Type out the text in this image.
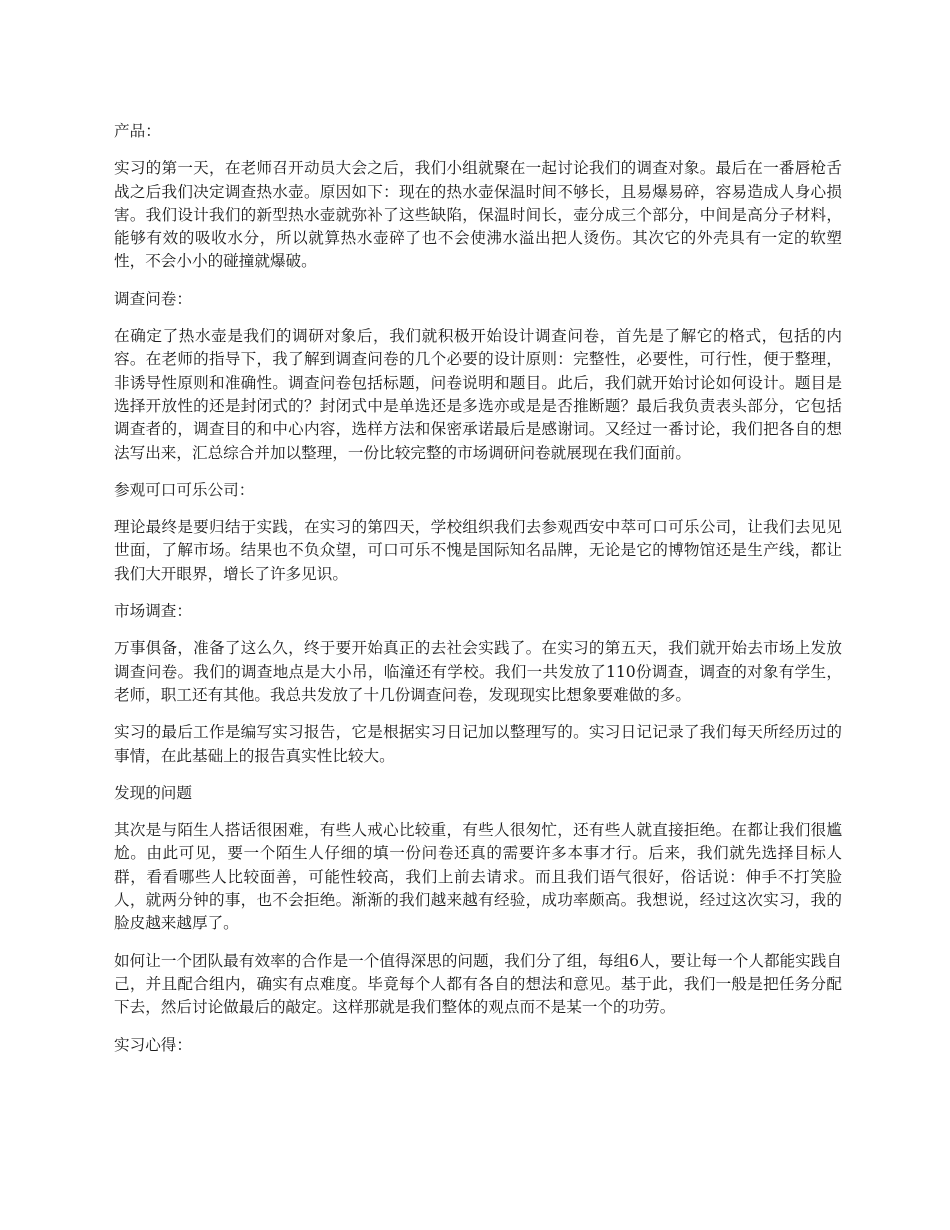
产品：

实习的第一天，在老师召开动员大会之后，我们小组就聚在一起讨论我们的调查对象。最后在一番唇枪舌战之后我们决定调查热水壶。原因如下：现在的热水壶保温时间不够长，且易爆易碎，容易造成人身心损害。我们设计我们的新型热水壶就弥补了这些缺陷，保温时间长，壶分成三个部分，中间是高分子材料，能够有效的吸收水分，所以就算热水壶碎了也不会使沸水溢出把人烫伤。其次它的外壳具有一定的软塑性，不会小小的碰撞就爆破。

调查问卷：

在确定了热水壶是我们的调研对象后，我们就积极开始设计调查问卷，首先是了解它的格式，包括的内容。在老师的指导下，我了解到调查问卷的几个必要的设计原则：完整性，必要性，可行性，便于整理，非诱导性原则和准确性。调查问卷包括标题，问卷说明和题目。此后，我们就开始讨论如何设计。题目是选择开放性的还是封闭式的？封闭式中是单选还是多选亦或是是否推断题？最后我负责表头部分，它包括调查者的，调查目的和中心内容，选样方法和保密承诺最后是感谢词。又经过一番讨论，我们把各自的想法写出来，汇总综合并加以整理，一份比较完整的市场调研问卷就展现在我们面前。

参观可口可乐公司：

理论最终是要归结于实践，在实习的第四天，学校组织我们去参观西安中萃可口可乐公司，让我们去见见世面，了解市场。结果也不负众望，可口可乐不愧是国际知名品牌，无论是它的博物馆还是生产线，都让我们大开眼界，增长了许多见识。

市场调查：

万事俱备，准备了这么久，终于要开始真正的去社会实践了。在实习的第五天，我们就开始去市场上发放调查问卷。我们的调查地点是大小吊，临潼还有学校。我们一共发放了110份调查，调查的对象有学生，老师，职工还有其他。我总共发放了十几份调查问卷，发现现实比想象要难做的多。

实习的最后工作是编写实习报告，它是根据实习日记加以整理写的。实习日记记录了我们每天所经历过的事情，在此基础上的报告真实性比较大。

发现的问题

其次是与陌生人搭话很困难，有些人戒心比较重，有些人很匆忙，还有些人就直接拒绝。在都让我们很尴尬。由此可见，要一个陌生人仔细的填一份问卷还真的需要许多本事才行。后来，我们就先选择目标人群，看看哪些人比较面善，可能性较高，我们上前去请求。而且我们语气很好，俗话说：伸手不打笑脸人，就两分钟的事，也不会拒绝。渐渐的我们越来越有经验，成功率颇高。我想说，经过这次实习，我的脸皮越来越厚了。

如何让一个团队最有效率的合作是一个值得深思的问题，我们分了组，每组6人，要让每一个人都能实践自己，并且配合组内，确实有点难度。毕竟每个人都有各自的想法和意见。基于此，我们一般是把任务分配下去，然后讨论做最后的敲定。这样那就是我们整体的观点而不是某一个的功劳。

实习心得：
